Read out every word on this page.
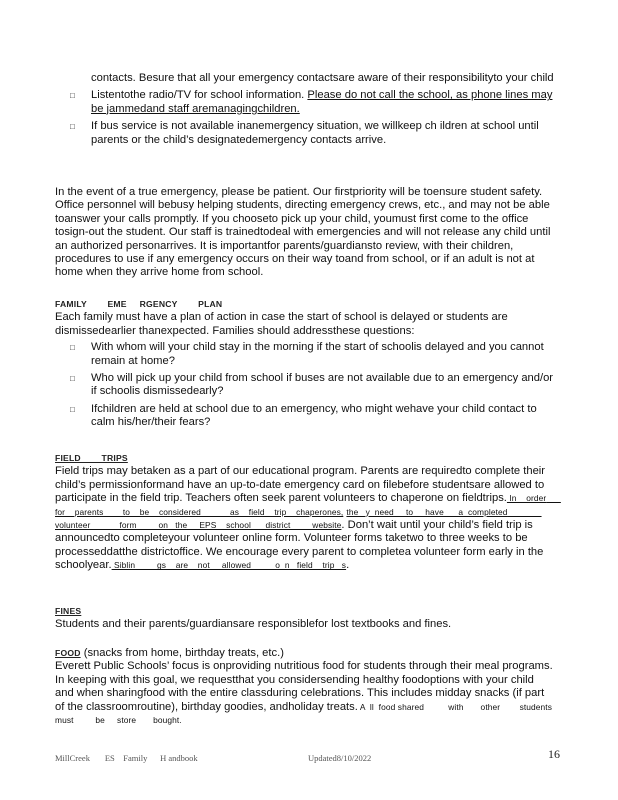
contacts. Besure that all your emergency contactsare aware of their responsibilityto your child

□ Listentothe radio/TV for school information. Please do not call the school, as phone lines may be jammedand staff aremanagingchildren.
□ If bus service is not available inanemergency situation, we willkeep ch ildren at school until parents or the child’s designatedemergency contacts arrive.

In the event of a true emergency, please be patient. Our firstpriority will be toensure student safety. Office personnel will bebusy helping students, directing emergency crews, etc., and may not be able toanswer your calls promptly. If you chooseto pick up your child, youmust first come to the office tosign-out the student. Our staff is trainedtodeal with emergencies and will not release any child until an authorized personarrives. It is importantfor parents/guardiansto review, with their children, procedures to use if any emergency occurs on their way toand from school, or if an adult is not at home when they arrive home from school.

FAMILY        EME     RGENCY        PLAN

Each family must have a plan of action in case the start of school is delayed or students are dismissedearlier thanexpected. Families should addressthese questions:

□ With whom will your child stay in the morning if the start of schoolis delayed and you cannot remain at home?
□ Who will pick up your child from school if buses are not available due to an emergency and/or if schoolis dismissedearly?
□ Ifchildren are held at school due to an emergency, who might wehave your child contact to calm his/her/their fears?
FIELD        TRIPS

Field trips may betaken as a part of our educational program. Parents are requiredto complete their child’s permissionformand have an up-to-date emergency card on filebefore studentsare allowed to participate in the field trip. Teachers often seek parent volunteers to chaperone on fieldtrips. In    order      for    parents        to    be    considered            as    field    trip    chaperones, the   y  need     to     have      a  completed              volunteer            form         on   the     EPS    school      district         website. Don’t wait until your child’s field trip is announcedto completeyour volunteer online form. Volunteer forms taketwo to three weeks to be processeddatthe districtoffice. We encourage every parent to completea volunteer form early in the schoolyear. Siblin         gs    are    not     allowed          o  n   field    trip   s.

FINES

Students and their parents/guardiansare responsiblefor lost textbooks and fines.

FOOD (snacks from home, birthday treats, etc.)

Everett Public Schools’ focus is onproviding nutritious food for students through their meal programs. In keeping with this goal, we requestthat you considersending healthy foodoptions with your child and when sharingfood with the entire classduring celebrations. This includes midday snacks (if part of the classroomroutine), birthday goodies, andholiday treats. A  ll  food shared          with       other        students             must         be     store       bought.

MillCreek       ES    Family      H andbook	Updated8/10/2022	16
